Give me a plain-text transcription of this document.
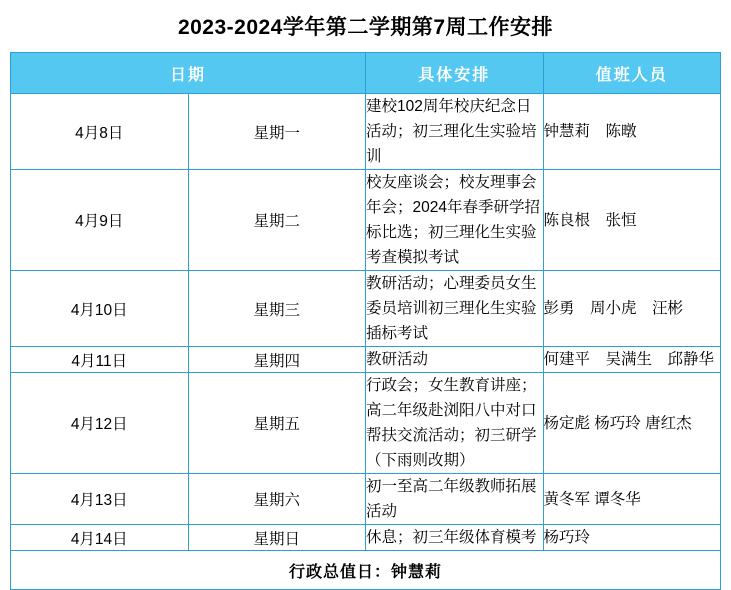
2023-2024学年第二学期第7周工作安排
日期		具体安排	值班人员
4月8日	星期一	建校102周年校庆纪念日活动；初三理化生实验培训	钟慧莉　陈暾
4月9日	星期二	校友座谈会；校友理事会年会；2024年春季研学招标比选；初三理化生实验考查模拟考试	陈良根　张恒
4月10日	星期三	教研活动；心理委员女生委员培训初三理化生实验插标考试	彭勇　周小虎　汪彬
4月11日	星期四	教研活动	何建平　吴满生　邱静华
4月12日	星期五	行政会；女生教育讲座；高二年级赴浏阳八中对口帮扶交流活动；初三研学（下雨则改期）	杨定彪 杨巧玲 唐红杰
4月13日	星期六	初一至高二年级教师拓展活动	黄冬军 谭冬华
4月14日	星期日	休息；初三年级体育模考	杨巧玲
行政总值日：钟慧莉			
